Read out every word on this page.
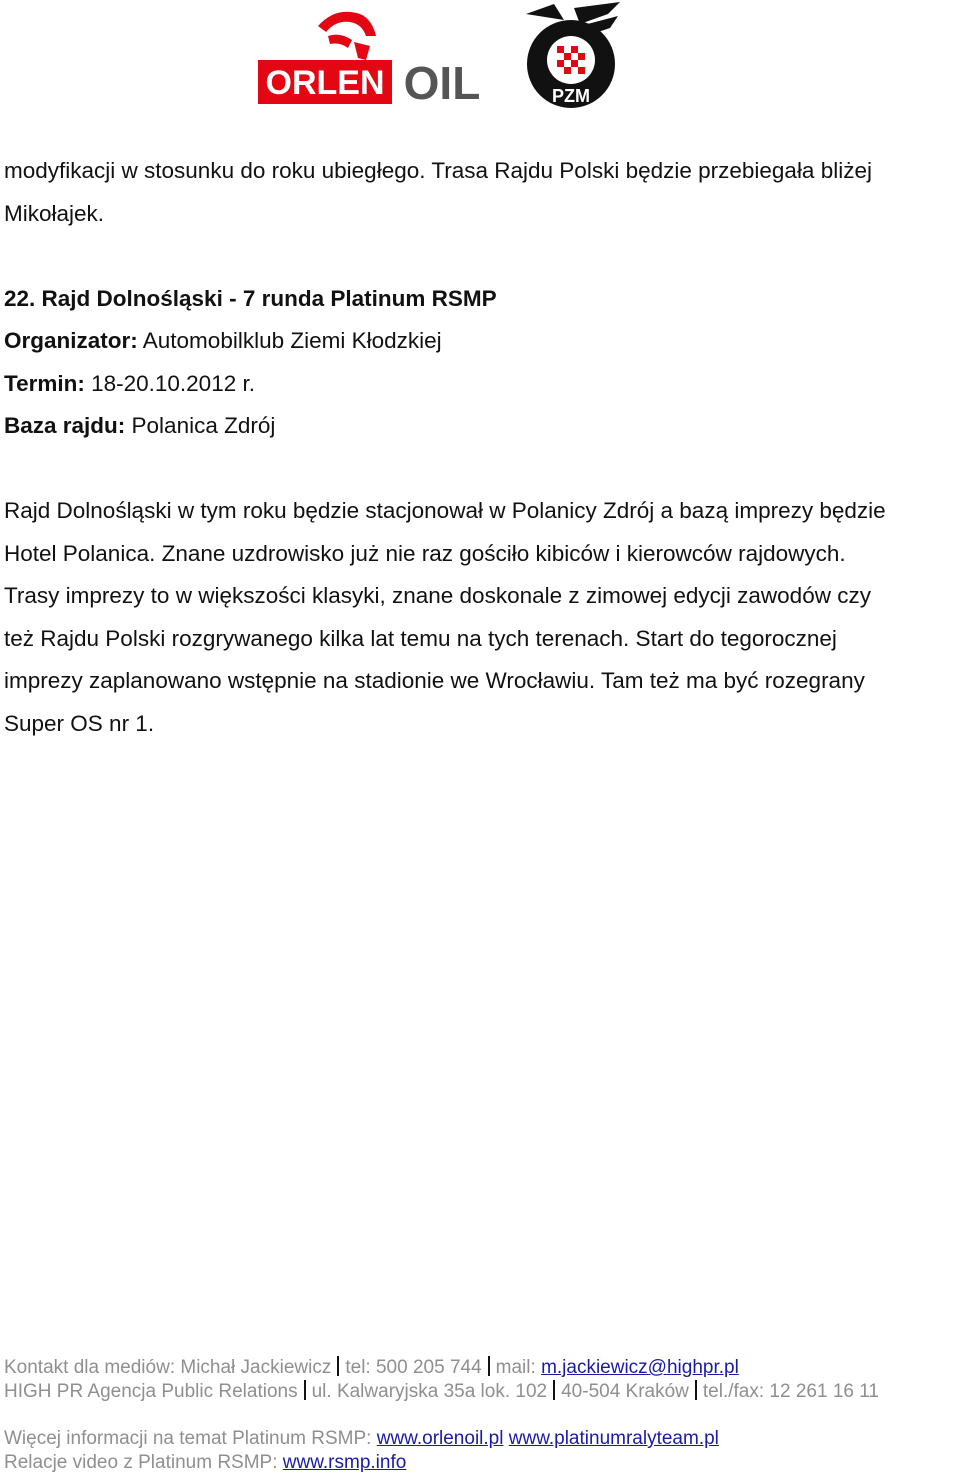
ORLEN OIL	PZM

modyfikacji w stosunku do roku ubiegłego. Trasa Rajdu Polski będzie przebiegała bliżej

Mikołajek.

22. Rajd Dolnośląski - 7 runda Platinum RSMP

Organizator: Automobilklub Ziemi Kłodzkiej

Termin: 18-20.10.2012 r.

Baza rajdu: Polanica Zdrój

Rajd Dolnośląski w tym roku będzie stacjonował w Polanicy Zdrój a bazą imprezy będzie

Hotel Polanica. Znane uzdrowisko już nie raz gościło kibiców i kierowców rajdowych.

Trasy imprezy to w większości klasyki, znane doskonale z zimowej edycji zawodów czy

też Rajdu Polski rozgrywanego kilka lat temu na tych terenach. Start do tegorocznej

imprezy zaplanowano wstępnie na stadionie we Wrocławiu. Tam też ma być rozegrany

Super OS nr 1.

Kontakt dla mediów: Michał Jackiewicz tel: 500 205 744 mail: m.jackiewicz@highpr.pl
HIGH PR Agencja Public Relations ul. Kalwaryjska 35a lok. 102 40-504 Kraków tel./fax: 12 261 16 11
Więcej informacji na temat Platinum RSMP: www.orlenoil.pl www.platinumralyteam.pl
Relacje video z Platinum RSMP: www.rsmp.info
